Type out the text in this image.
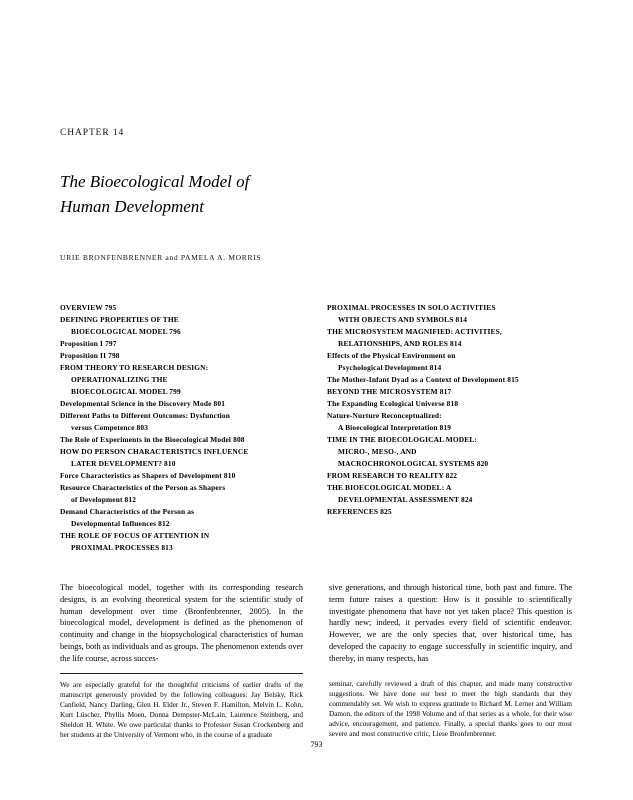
CHAPTER 14
The Bioecological Model of
Human Development
URIE BRONFENBRENNER and PAMELA A. MORRIS
OVERVIEW 795
DEFINING PROPERTIES OF THE
BIOECOLOGICAL MODEL 796
Proposition I 797
Proposition II 798
FROM THEORY TO RESEARCH DESIGN:
OPERATIONALIZING THE
BIOECOLOGICAL MODEL 799
Developmental Science in the Discovery Mode 801
Different Paths to Different Outcomes: Dysfunction
versus Competence 803
The Role of Experiments in the Bioecological Model 808
HOW DO PERSON CHARACTERISTICS INFLUENCE
LATER DEVELOPMENT? 810
Force Characteristics as Shapers of Development 810
Resource Characteristics of the Person as Shapers
of Development 812
Demand Characteristics of the Person as
Developmental Influences 812
THE ROLE OF FOCUS OF ATTENTION IN
PROXIMAL PROCESSES 813
PROXIMAL PROCESSES IN SOLO ACTIVITIES
WITH OBJECTS AND SYMBOLS 814
THE MICROSYSTEM MAGNIFIED: ACTIVITIES,
RELATIONSHIPS, AND ROLES 814
Effects of the Physical Environment on
Psychological Development 814
The Mother-Infant Dyad as a Context of Development 815
BEYOND THE MICROSYSTEM 817
The Expanding Ecological Universe 818
Nature-Nurture Reconceptualized:
A Bioecological Interpretation 819
TIME IN THE BIOECOLOGICAL MODEL:
MICRO-, MESO-, AND
MACROCHRONOLOGICAL SYSTEMS 820
FROM RESEARCH TO REALITY 822
THE BIOECOLOGICAL MODEL: A
DEVELOPMENTAL ASSESSMENT 824
REFERENCES 825

The bioecological model, together with its corresponding research designs, is an evolving theoretical system for the scientific study of human development over time (Bronfenbrenner, 2005). In the bioecological model, development is defined as the phenomenon of continuity and change in the biopsychological characteristics of human beings, both as individuals and as groups. The phenomenon extends over the life course, across succes-

We are especially grateful for the thoughtful criticisms of earlier drafts of the manuscript generously provided by the following colleagues: Jay Belsky, Rick Canfield, Nancy Darling, Glen H. Elder Jr., Steven F. Hamilton, Melvin L. Kohn, Kurt Lüscher, Phyllis Moen, Donna Dempster-McLain, Laurence Steinberg, and Sheldon H. White. We owe particular thanks to Professor Susan Crockenberg and her students at the University of Vermont who, in the course of a graduate

sive generations, and through historical time, both past and future. The term future raises a question: How is it possible to scientifically investigate phenomena that have not yet taken place? This question is hardly new; indeed, it pervades every field of scientific endeavor. However, we are the only species that, over historical time, has developed the capacity to engage successfully in scientific inquiry, and thereby, in many respects, has

seminar, carefully reviewed a draft of this chapter, and made many constructive suggestions. We have done our best to meet the high standards that they commendably set. We wish to express gratitude to Richard M. Lerner and William Damon, the editors of the 1998 Volume and of that series as a whole, for their wise advice, encouragement, and patience. Finally, a special thanks goes to our most severe and most constructive critic, Liese Bronfenbrenner.

793
